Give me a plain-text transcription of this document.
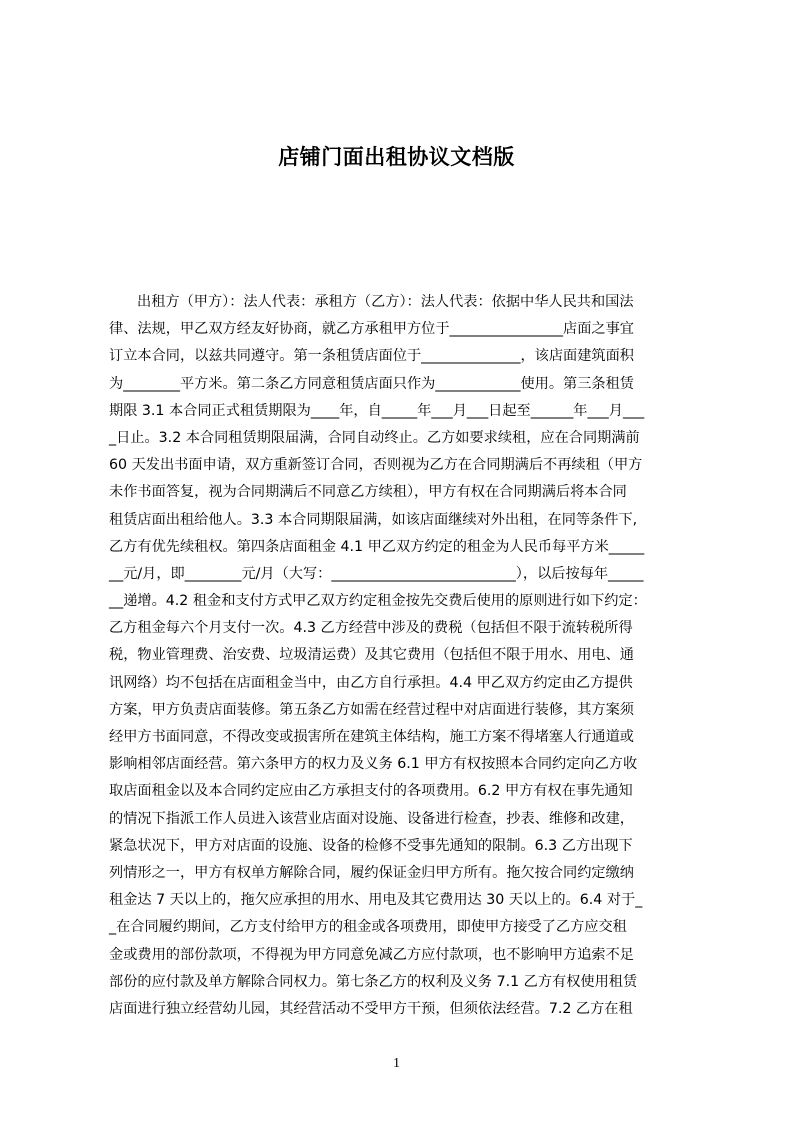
店铺门面出租协议文档版
出租方（甲方）：法人代表：承租方（乙方）：法人代表：依据中华人民共和国法
律、法规，甲乙双方经友好协商，就乙方承租甲方位于________________店面之事宜
订立本合同，以兹共同遵守。第一条租赁店面位于______________，该店面建筑面积
为________平方米。第二条乙方同意租赁店面只作为____________使用。第三条租赁
期限 3.1 本合同正式租赁期限为____年，自_____年___月___日起至______年___月___
_日止。3.2 本合同租赁期限届满，合同自动终止。乙方如要求续租，应在合同期满前
60 天发出书面申请，双方重新签订合同，否则视为乙方在合同期满后不再续租（甲方
未作书面答复，视为合同期满后不同意乙方续租），甲方有权在合同期满后将本合同
租赁店面出租给他人。3.3 本合同期限届满，如该店面继续对外出租，在同等条件下,
乙方有优先续租权。第四条店面租金 4.1 甲乙双方约定的租金为人民币每平方米_____
__元/月，即________元/月（大写：__________________________），以后按每年_____
__递增。4.2 租金和支付方式甲乙双方约定租金按先交费后使用的原则进行如下约定：
乙方租金每六个月支付一次。4.3 乙方经营中涉及的费税（包括但不限于流转税所得
税，物业管理费、治安费、垃圾清运费）及其它费用（包括但不限于用水、用电、通
讯网络）均不包括在店面租金当中，由乙方自行承担。4.4 甲乙双方约定由乙方提供
方案，甲方负责店面装修。第五条乙方如需在经营过程中对店面进行装修，其方案须
经甲方书面同意，不得改变或损害所在建筑主体结构，施工方案不得堵塞人行通道或
影响相邻店面经营。第六条甲方的权力及义务 6.1 甲方有权按照本合同约定向乙方收
取店面租金以及本合同约定应由乙方承担支付的各项费用。6.2 甲方有权在事先通知
的情况下指派工作人员进入该营业店面对设施、设备进行检查，抄表、维修和改建，
紧急状况下，甲方对店面的设施、设备的检修不受事先通知的限制。6.3 乙方出现下
列情形之一，甲方有权单方解除合同，履约保证金归甲方所有。拖欠按合同约定缴纳
租金达 7 天以上的，拖欠应承担的用水、用电及其它费用达 30 天以上的。6.4 对于_
_在合同履约期间，乙方支付给甲方的租金或各项费用，即使甲方接受了乙方应交租
金或费用的部份款项，不得视为甲方同意免减乙方应付款项，也不影响甲方追索不足
部份的应付款及单方解除合同权力。第七条乙方的权利及义务 7.1 乙方有权使用租赁
店面进行独立经营幼儿园，其经营活动不受甲方干预，但须依法经营。7.2 乙方在租
1
